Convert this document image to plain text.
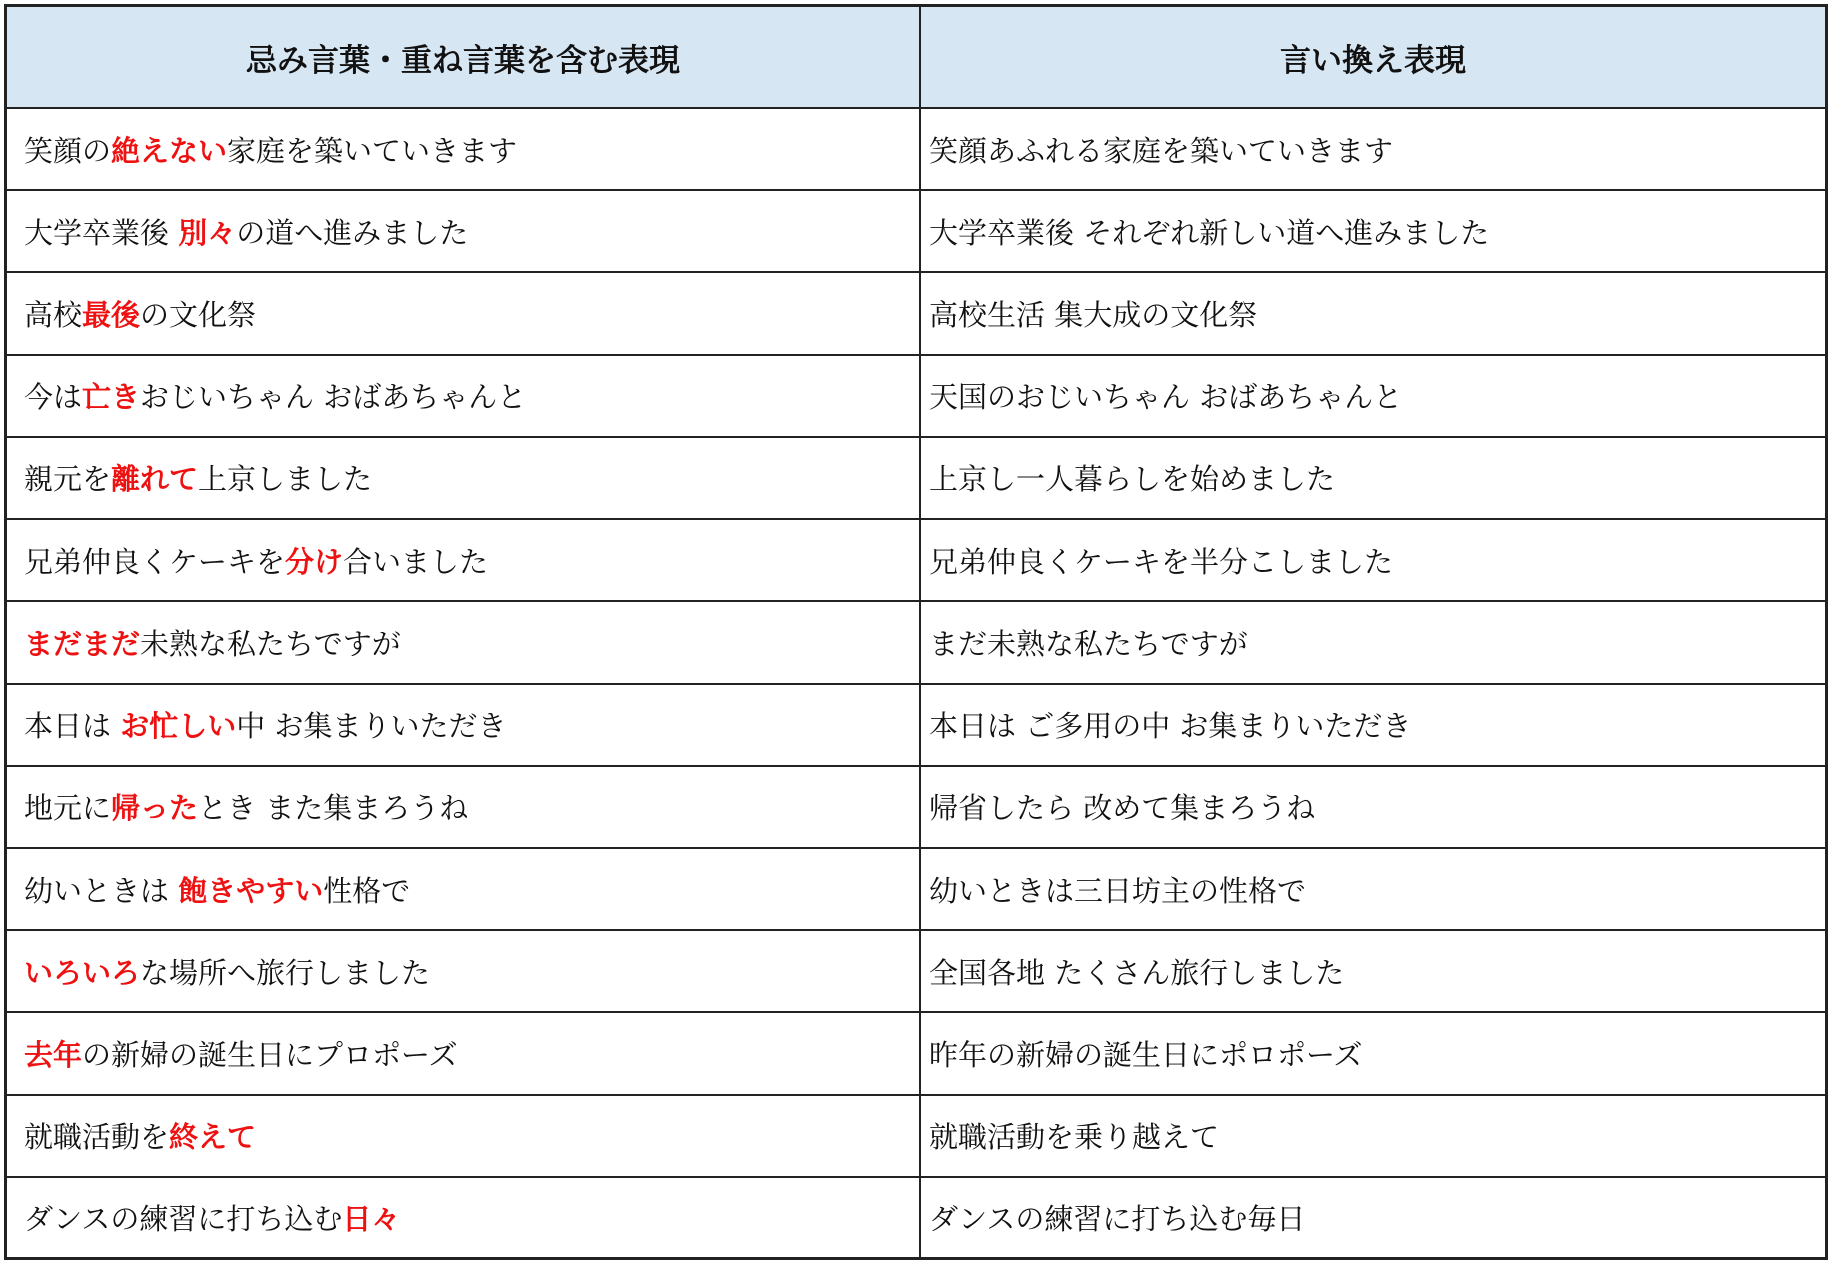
忌み言葉・重ね言葉を含む表現	言い換え表現
笑顔の 絶えない 家庭を築いていきます	笑顔あふれる家庭を築いていきます
大学卒業後 別々 の道へ進みました	大学卒業後 それぞれ新しい道へ進みました
高校 最後 の文化祭	高校生活 集大成の文化祭
今は 亡き おじいちゃん おばあちゃんと	天国のおじいちゃん おばあちゃんと
親元を 離れて 上京しました	上京し一人暮らしを始めました
兄弟仲良くケーキを 分け 合いました	兄弟仲良くケーキを半分こしました
まだまだ 未熟な私たちですが	まだ未熟な私たちですが
本日は お忙しい 中 お集まりいただき	本日は ご多用の中 お集まりいただき
地元に 帰った とき また集まろうね	帰省したら 改めて集まろうね
幼いときは 飽きやすい 性格で	幼いときは三日坊主の性格で
いろいろ な場所へ旅行しました	全国各地 たくさん旅行しました
去年 の新婦の誕生日にプロポーズ	昨年の新婦の誕生日にポロポーズ
就職活動を 終えて	就職活動を乗り越えて
ダンスの練習に打ち込む 日々	ダンスの練習に打ち込む毎日
